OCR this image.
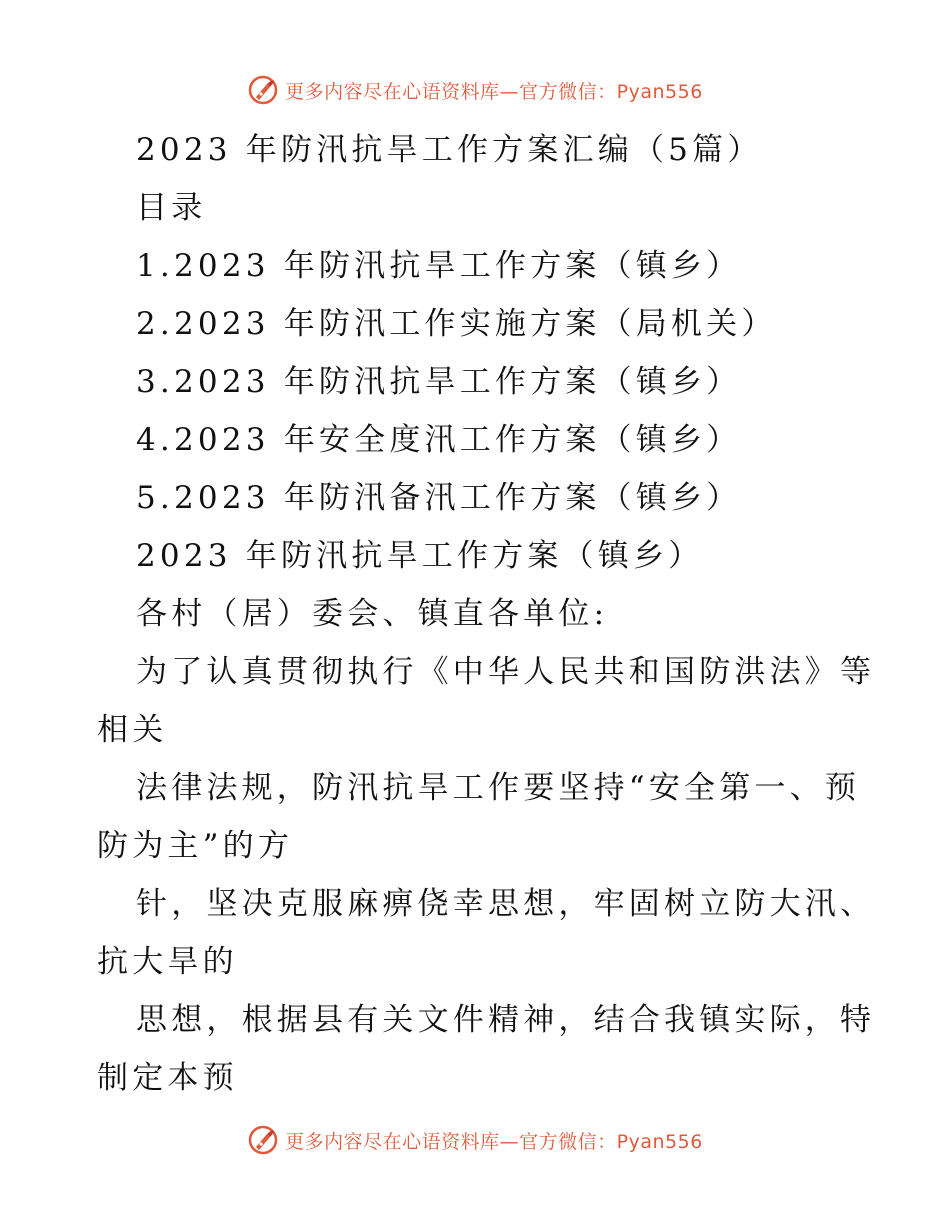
更多内容尽在心语资料库—官方微信：Pyan556
2023 年防汛抗旱工作方案汇编（5篇）
目录
1.2023 年防汛抗旱工作方案（镇乡）
2.2023 年防汛工作实施方案（局机关）
3.2023 年防汛抗旱工作方案（镇乡）
4.2023 年安全度汛工作方案（镇乡）
5.2023 年防汛备汛工作方案（镇乡）
2023 年防汛抗旱工作方案（镇乡）
各村（居）委会、镇直各单位:
为了认真贯彻执行《中华人民共和国防洪法》等
相关
法律法规，防汛抗旱工作要坚持“安全第一、预
防为主”的方
针，坚决克服麻痹侥幸思想，牢固树立防大汛、
抗大旱的
思想，根据县有关文件精神，结合我镇实际，特
制定本预
更多内容尽在心语资料库—官方微信：Pyan556
